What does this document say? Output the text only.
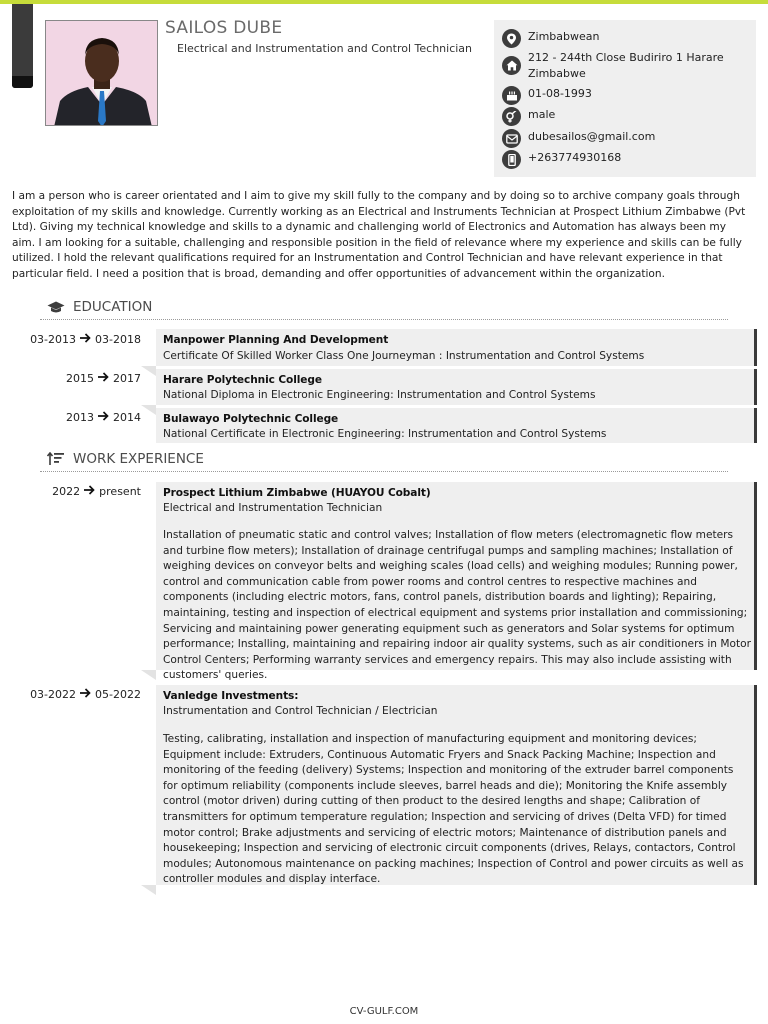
SAILOS DUBE
Electrical and Instrumentation and Control Technician
Zimbabwean
212 - 244th Close Budiriro 1 Harare
Zimbabwe
01-08-1993
male
dubesailos@gmail.com
+263774930168
I am a person who is career orientated and I aim to give my skill fully to the company and by doing so to archive company goals through exploitation of my skills and knowledge. Currently working as an Electrical and Instruments Technician at Prospect Lithium Zimbabwe (Pvt Ltd). Giving my technical knowledge and skills to a dynamic and challenging world of Electronics and Automation has always been my aim. I am looking for a suitable, challenging and responsible position in the field of relevance where my experience and skills can be fully utilized. I hold the relevant qualifications required for an Instrumentation and Control Technician and have relevant experience in that particular field. I need a position that is broad, demanding and offer opportunities of advancement within the organization.
EDUCATION
03-2013 03-2018 Manpower Planning And Development
Certificate Of Skilled Worker Class One Journeyman : Instrumentation and Control Systems
2015 2017 Harare Polytechnic College
National Diploma in Electronic Engineering: Instrumentation and Control Systems
2013 2014 Bulawayo Polytechnic College
National Certificate in Electronic Engineering: Instrumentation and Control Systems
WORK EXPERIENCE
2022 present Prospect Lithium Zimbabwe (HUAYOU Cobalt)
Electrical and Instrumentation Technician
Installation of pneumatic static and control valves; Installation of flow meters (electromagnetic flow meters and turbine flow meters); Installation of drainage centrifugal pumps and sampling machines; Installation of weighing devices on conveyor belts and weighing scales (load cells) and weighing modules; Running power, control and communication cable from power rooms and control centres to respective machines and components (including electric motors, fans, control panels, distribution boards and lighting); Repairing, maintaining, testing and inspection of electrical equipment and systems prior installation and commissioning; Servicing and maintaining power generating equipment such as generators and Solar systems for optimum performance; Installing, maintaining and repairing indoor air quality systems, such as air conditioners in Motor Control Centers; Performing warranty services and emergency repairs. This may also include assisting with customers' queries.
03-2022 05-2022 Vanledge Investments:
Instrumentation and Control Technician / Electrician
Testing, calibrating, installation and inspection of manufacturing equipment and monitoring devices; Equipment include: Extruders, Continuous Automatic Fryers and Snack Packing Machine; Inspection and monitoring of the feeding (delivery) Systems; Inspection and monitoring of the extruder barrel components for optimum reliability (components include sleeves, barrel heads and die); Monitoring the Knife assembly control (motor driven) during cutting of then product to the desired lengths and shape; Calibration of transmitters for optimum temperature regulation; Inspection and servicing of drives (Delta VFD) for timed motor control; Brake adjustments and servicing of electric motors; Maintenance of distribution panels and housekeeping; Inspection and servicing of electronic circuit components (drives, Relays, contactors, Control modules; Autonomous maintenance on packing machines; Inspection of Control and power circuits as well as controller modules and display interface.
CV-GULF.COM
